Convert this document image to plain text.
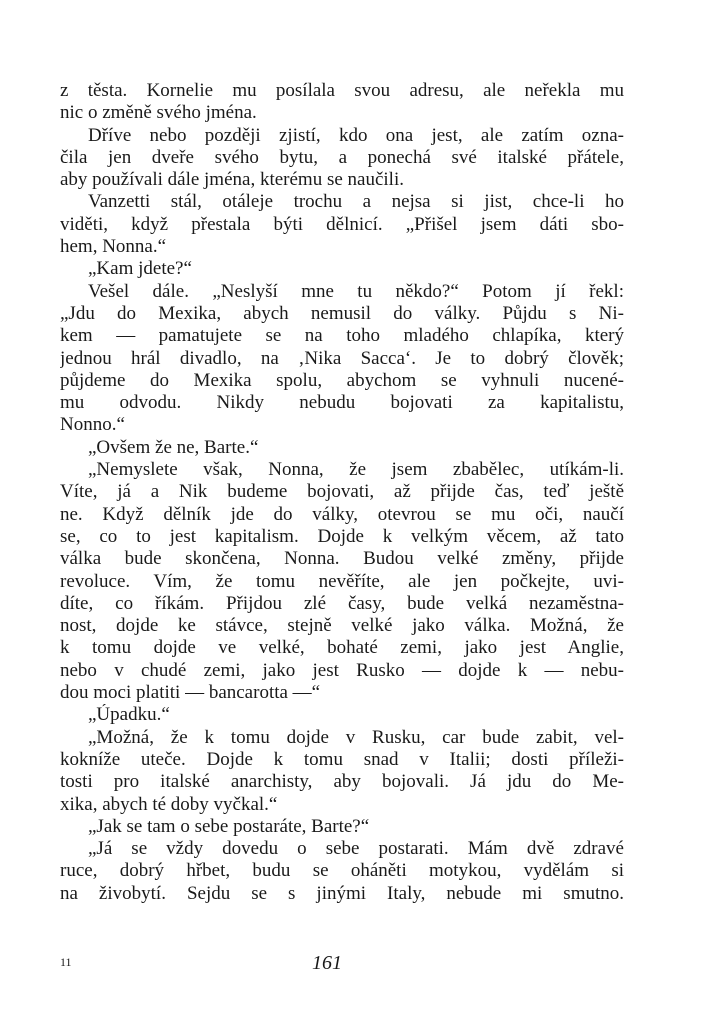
z těsta. Kornelie mu posílala svou adresu, ale neřekla mu
nic o změně svého jména.
Dříve nebo později zjistí, kdo ona jest, ale zatím ozna-
čila jen dveře svého bytu, a ponechá své italské přátele,
aby používali dále jména, kterému se naučili.
Vanzetti stál, otáleje trochu a nejsa si jist, chce-li ho
viděti, když přestala býti dělnicí. „Přišel jsem dáti sbo-
hem, Nonna.“
„Kam jdete?“
Vešel dále. „Neslyší mne tu někdo?“ Potom jí řekl:
„Jdu do Mexika, abych nemusil do války. Půjdu s Ni-
kem — pamatujete se na toho mladého chlapíka, který
jednou hrál divadlo, na ‚Nika Sacca‘. Je to dobrý člověk;
půjdeme do Mexika spolu, abychom se vyhnuli nucené-
mu odvodu. Nikdy nebudu bojovati za kapitalistu,
Nonno.“
„Ovšem že ne, Barte.“
„Nemyslete však, Nonna, že jsem zbabělec, utíkám-li.
Víte, já a Nik budeme bojovati, až přijde čas, teď ještě
ne. Když dělník jde do války, otevrou se mu oči, naučí
se, co to jest kapitalism. Dojde k velkým věcem, až tato
válka bude skončena, Nonna. Budou velké změny, přijde
revoluce. Vím, že tomu nevěříte, ale jen počkejte, uvi-
díte, co říkám. Přijdou zlé časy, bude velká nezaměstna-
nost, dojde ke stávce, stejně velké jako válka. Možná, že
k tomu dojde ve velké, bohaté zemi, jako jest Anglie,
nebo v chudé zemi, jako jest Rusko — dojde k — nebu-
dou moci platiti — bancarotta —“
„Úpadku.“
„Možná, že k tomu dojde v Rusku, car bude zabit, vel-
kokníže uteče. Dojde k tomu snad v Italii; dosti příleži-
tosti pro italské anarchisty, aby bojovali. Já jdu do Me-
xika, abych té doby vyčkal.“
„Jak se tam o sebe postaráte, Barte?“
„Já se vždy dovedu o sebe postarati. Mám dvě zdravé
ruce, dobrý hřbet, budu se oháněti motykou, vydělám si
na živobytí. Sejdu se s jinými Italy, nebude mi smutno.
11	161
